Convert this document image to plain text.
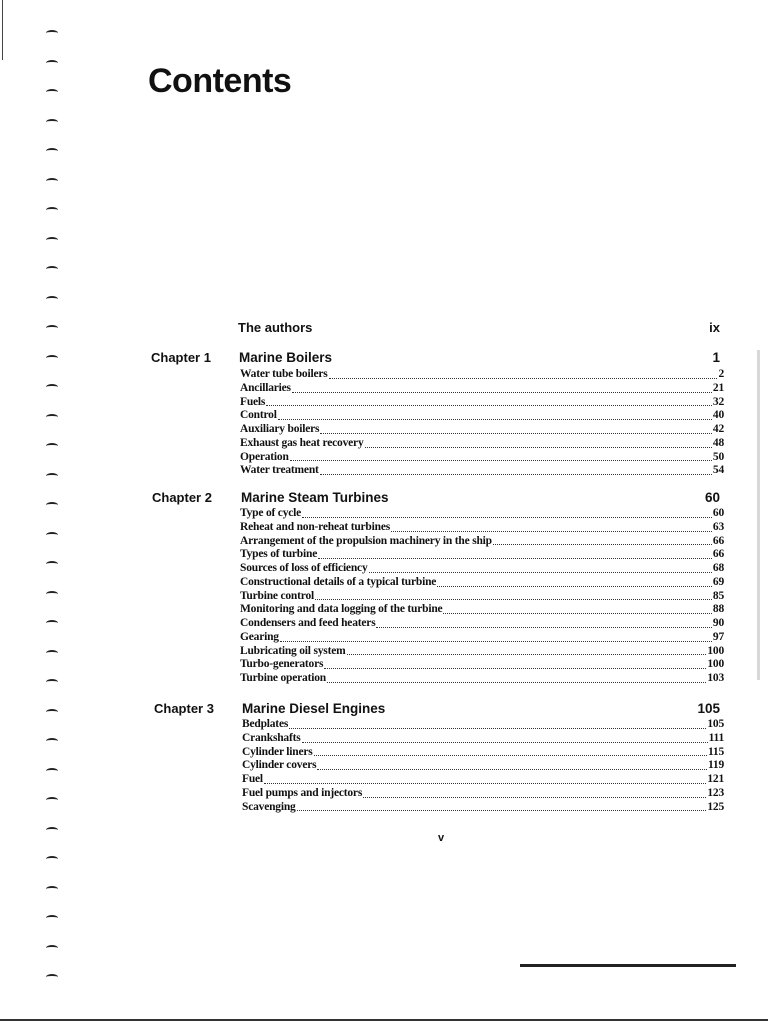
Contents
The authors	ix
Chapter 1 Marine Boilers	1
Water tube boilers	2
Ancillaries	21
Fuels	32
Control	40
Auxiliary boilers	42
Exhaust gas heat recovery	48
Operation	50
Water treatment	54
Chapter 2 Marine Steam Turbines	60
Type of cycle	60
Reheat and non-reheat turbines	63
Arrangement of the propulsion machinery in the ship	66
Types of turbine	66
Sources of loss of efficiency	68
Constructional details of a typical turbine	69
Turbine control	85
Monitoring and data logging of the turbine	88
Condensers and feed heaters	90
Gearing	97
Lubricating oil system	100
Turbo-generators	100
Turbine operation	103
Chapter 3 Marine Diesel Engines	105
Bedplates	105
Crankshafts	111
Cylinder liners	115
Cylinder covers	119
Fuel	121
Fuel pumps and injectors	123
Scavenging	125
v
